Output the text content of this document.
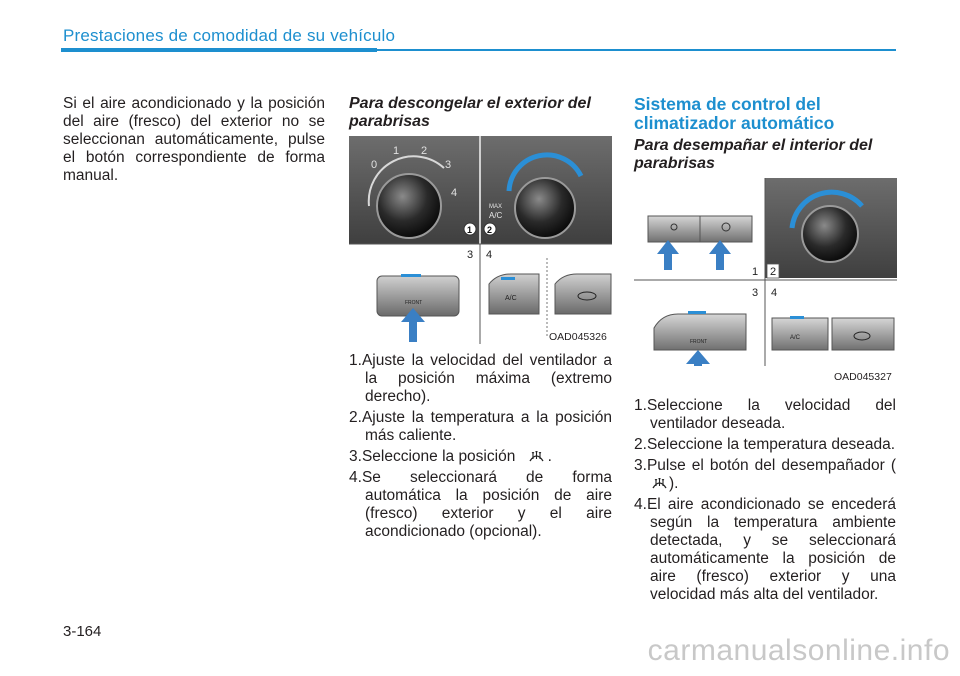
Prestaciones de comodidad de su vehículo
Si el aire acondicionado y la posición del aire (fresco) del exterior no se seleccionan automáticamente, pulse el botón correspondiente de forma manual.
Para descongelar el exterior del parabrisas
0
1 2
3
4
MAX
A/C
1 2
3 4
FRONT
A/C
OAD045326
1.Ajuste la velocidad del ventilador a la posición máxima (extremo derecho).
2.Ajuste la temperatura a la posición más caliente.
3.Seleccione la posición .
4.Se seleccionará de forma automática la posición de aire (fresco) exterior y el aire acondicionado (opcional).
Sistema de control del climatizador automático
Para desempañar el interior del parabrisas
1 2
3 4
FRONT
A/C
OAD045327
1.Seleccione la velocidad del ventilador deseada.
2.Seleccione la temperatura deseada.
3.Pulse el botón del desempañador ().
4.El aire acondicionado se encederá según la temperatura ambiente detectada, y se seleccionará automáticamente la posición de aire (fresco) exterior y una velocidad más alta del ventilador.
3-164
carmanualsonline.info
